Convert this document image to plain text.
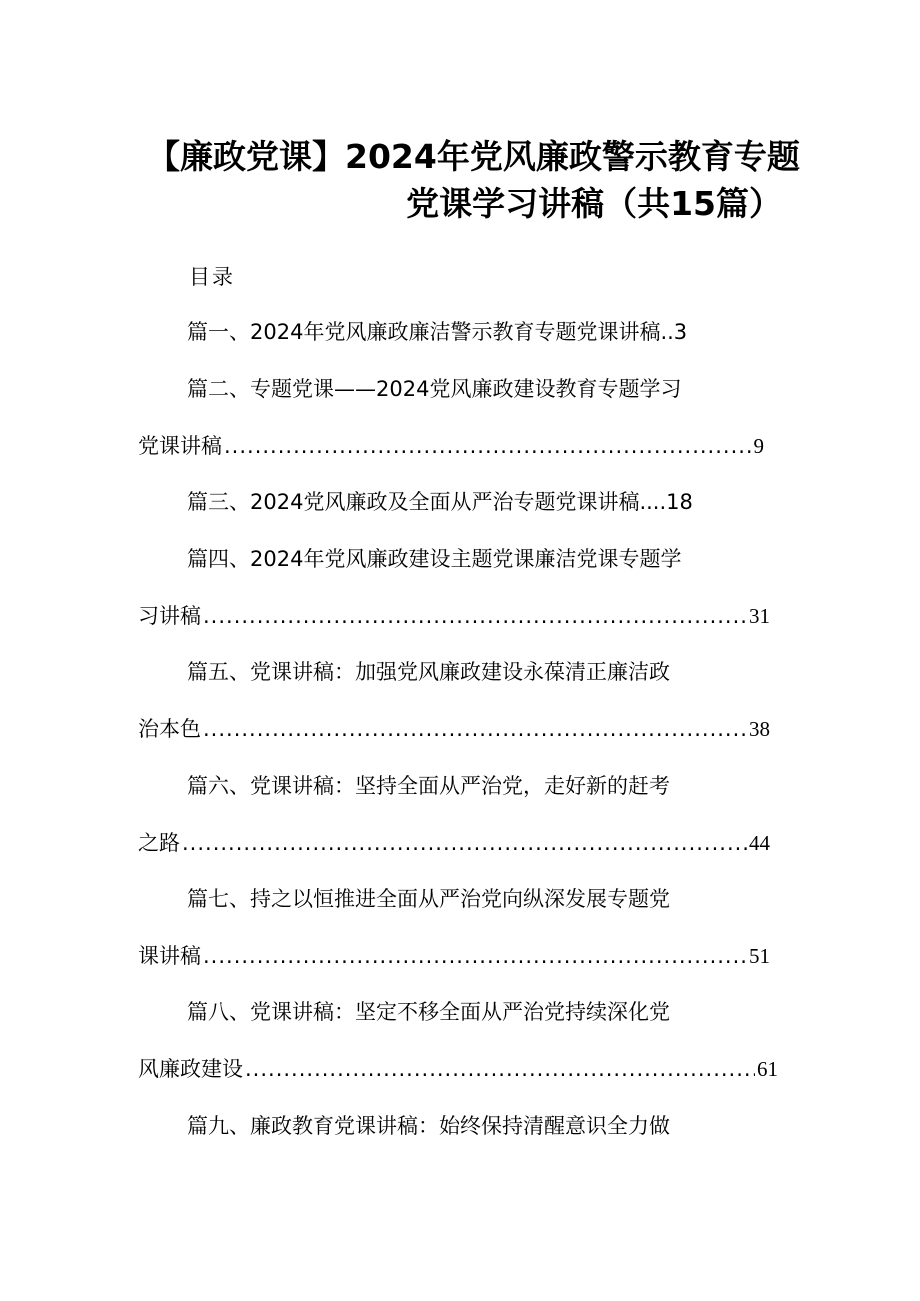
【廉政党课】2024年党风廉政警示教育专题
党课学习讲稿（共15篇）
目录
篇一、2024年党风廉政廉洁警示教育专题党课讲稿..3
篇二、专题党课——2024党风廉政建设教育专题学习
党课讲稿 .....	9
篇三、2024党风廉政及全面从严治专题党课讲稿....18
篇四、2024年党风廉政建设主题党课廉洁党课专题学
习讲稿 .....	31
篇五、党课讲稿：加强党风廉政建设永葆清正廉洁政
治本色 .....	38
篇六、党课讲稿：坚持全面从严治党，走好新的赶考
之路 .....	44
篇七、持之以恒推进全面从严治党向纵深发展专题党
课讲稿 .....	51
篇八、党课讲稿：坚定不移全面从严治党持续深化党
风廉政建设 .....	61
篇九、廉政教育党课讲稿：始终保持清醒意识全力做
